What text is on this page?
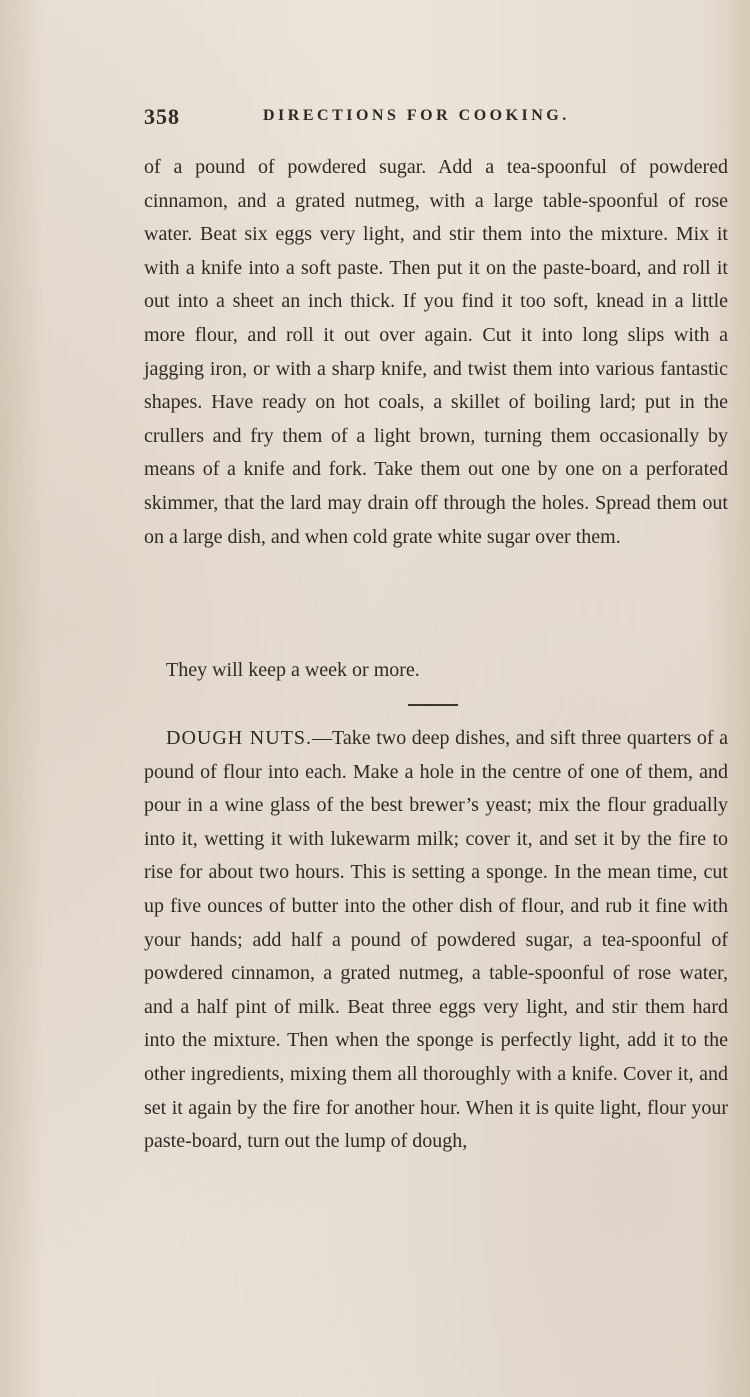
358	DIRECTIONS FOR COOKING.
of a pound of powdered sugar. Add a tea-spoonful of powdered cinnamon, and a grated nutmeg, with a large table-spoonful of rose water. Beat six eggs very light, and stir them into the mixture. Mix it with a knife into a soft paste. Then put it on the paste-board, and roll it out into a sheet an inch thick. If you find it too soft, knead in a little more flour, and roll it out over again. Cut it into long slips with a jagging iron, or with a sharp knife, and twist them into various fantastic shapes. Have ready on hot coals, a skillet of boiling lard; put in the crullers and fry them of a light brown, turning them occasionally by means of a knife and fork. Take them out one by one on a perforated skimmer, that the lard may drain off through the holes. Spread them out on a large dish, and when cold grate white sugar over them.
They will keep a week or more.
DOUGH NUTS.—Take two deep dishes, and sift three quarters of a pound of flour into each. Make a hole in the centre of one of them, and pour in a wine glass of the best brewer’s yeast; mix the flour gradually into it, wetting it with lukewarm milk; cover it, and set it by the fire to rise for about two hours. This is setting a sponge. In the mean time, cut up five ounces of butter into the other dish of flour, and rub it fine with your hands; add half a pound of powdered sugar, a tea-spoonful of powdered cinnamon, a grated nutmeg, a table-spoonful of rose water, and a half pint of milk. Beat three eggs very light, and stir them hard into the mixture. Then when the sponge is perfectly light, add it to the other ingredients, mixing them all thoroughly with a knife. Cover it, and set it again by the fire for another hour. When it is quite light, flour your paste-board, turn out the lump of dough,
